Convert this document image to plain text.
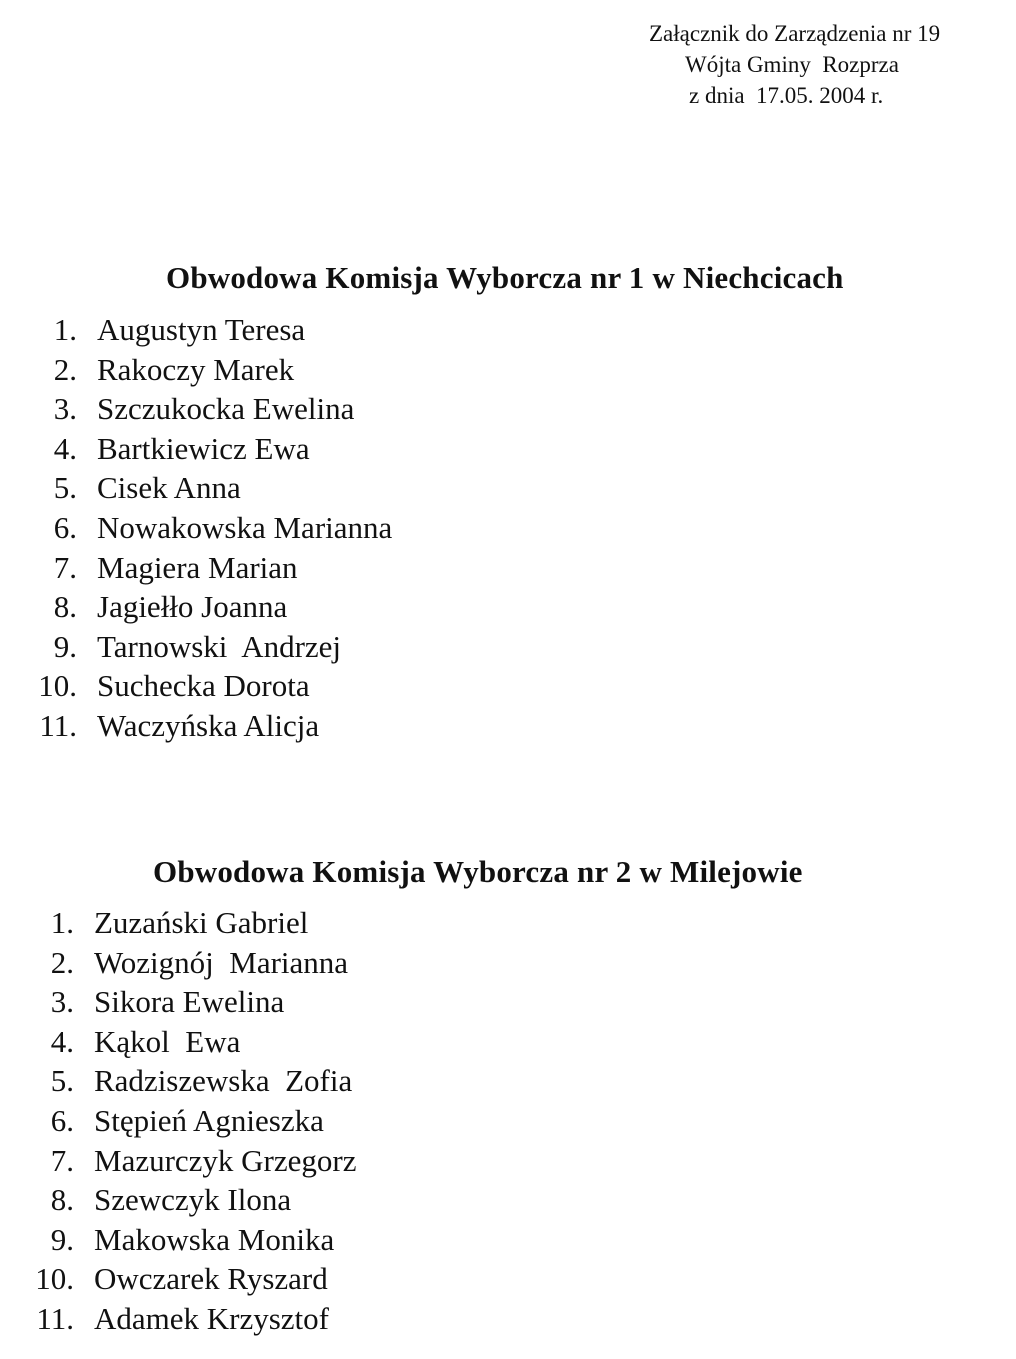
Załącznik do Zarządzenia nr 19
Wójta Gminy  Rozprza
z dnia  17.05. 2004 r.
Obwodowa Komisja Wyborcza nr 1 w Niechcicach
1. Augustyn Teresa
2. Rakoczy Marek
3. Szczukocka Ewelina
4. Bartkiewicz Ewa
5. Cisek Anna
6. Nowakowska Marianna
7. Magiera Marian
8. Jagiełło Joanna
9. Tarnowski  Andrzej
10. Suchecka Dorota
11. Waczyńska Alicja
Obwodowa Komisja Wyborcza nr 2 w Milejowie
1. Zuzański Gabriel
2. Wozignój  Marianna
3. Sikora Ewelina
4. Kąkol  Ewa
5. Radziszewska  Zofia
6. Stępień Agnieszka
7. Mazurczyk Grzegorz
8. Szewczyk Ilona
9. Makowska Monika
10. Owczarek Ryszard
11. Adamek Krzysztof
